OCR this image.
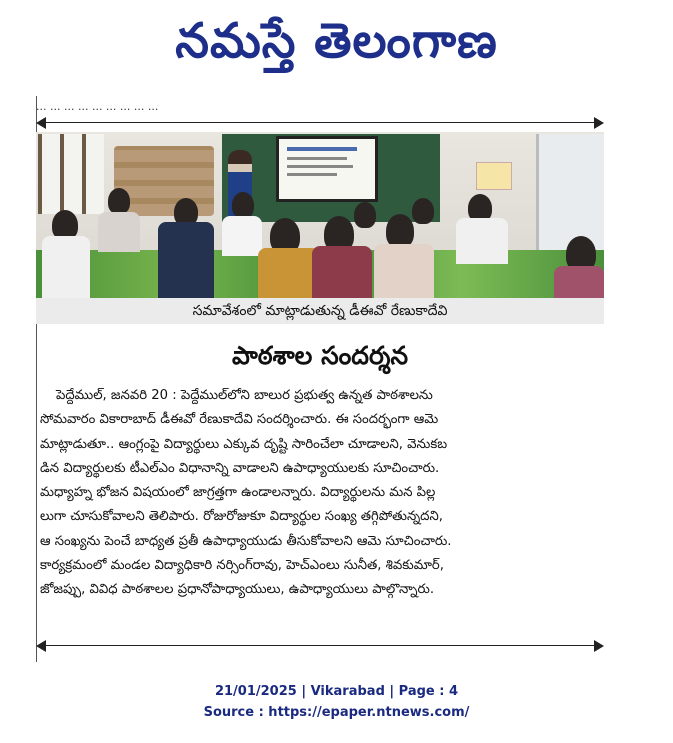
నమస్తే తెలంగాణ
... ... ... ... ... ... ... ... ...
సమావేశంలో మాట్లాడుతున్న డీఈవో రేణుకాదేవి
పాఠశాల సందర్శన
పెద్దేముల్‌, జనవరి 20 : పెద్దేముల్‌లోని బాలుర ప్రభుత్వ ఉన్నత పాఠశాలను
సోమవారం వికారాబాద్‌ డీఈవో రేణుకాదేవి సందర్శించారు. ఈ సందర్భంగా ఆమె
మాట్లాడుతూ.. ఆంగ్లంపై విద్యార్థులు ఎక్కువ దృష్టి సారించేలా చూడాలని, వెనుకబ
డిన విద్యార్థులకు టీఎల్‌ఎం విధానాన్ని వాడాలని ఉపాధ్యాయులకు సూచించారు.
మధ్యాహ్న భోజన విషయంలో జాగ్రత్తగా ఉండాలన్నారు. విద్యార్థులను మన పిల్ల
లుగా చూసుకోవాలని తెలిపారు. రోజురోజుకూ విద్యార్థుల సంఖ్య తగ్గిపోతున్నదని,
ఆ సంఖ్యను పెంచే బాధ్యత ప్రతీ ఉపాధ్యాయుడు తీసుకోవాలని ఆమె సూచించారు.
కార్యక్రమంలో మండల విద్యాధికారి నర్సింగ్‌రావు, హెచ్‌ఎంలు సునీత, శివకుమార్‌,
జోజప్పు, వివిధ పాఠశాలల ప్రధానోపాధ్యాయులు, ఉపాధ్యాయులు పాల్గొన్నారు.
21/01/2025 | Vikarabad | Page : 4
Source : https://epaper.ntnews.com/
